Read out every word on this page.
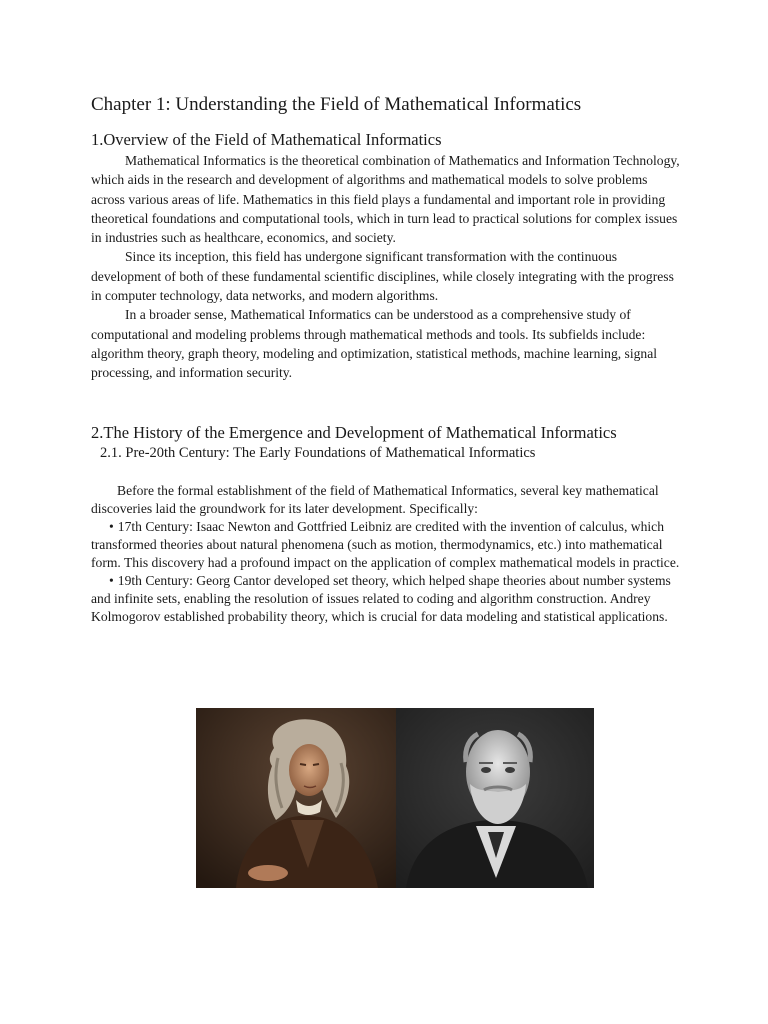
Chapter 1: Understanding the Field of Mathematical Informatics
1.Overview of the Field of Mathematical Informatics

Mathematical Informatics is the theoretical combination of Mathematics and Information Technology, which aids in the research and development of algorithms and mathematical models to solve problems across various areas of life. Mathematics in this field plays a fundamental and important role in providing theoretical foundations and computational tools, which in turn lead to practical solutions for complex issues in industries such as healthcare, economics, and society.

Since its inception, this field has undergone significant transformation with the continuous development of both of these fundamental scientific disciplines, while closely integrating with the progress in computer technology, data networks, and modern algorithms.

In a broader sense, Mathematical Informatics can be understood as a comprehensive study of computational and modeling problems through mathematical methods and tools. Its subfields include: algorithm theory, graph theory, modeling and optimization, statistical methods, machine learning, signal processing, and information security.

2.The History of the Emergence and Development of Mathematical Informatics
2.1. Pre-20th Century: The Early Foundations of Mathematical Informatics

Before the formal establishment of the field of Mathematical Informatics, several key mathematical discoveries laid the groundwork for its later development. Specifically:

• 17th Century: Isaac Newton and Gottfried Leibniz are credited with the invention of calculus, which transformed theories about natural phenomena (such as motion, thermodynamics, etc.) into mathematical form. This discovery had a profound impact on the application of complex mathematical models in practice.

• 19th Century: Georg Cantor developed set theory, which helped shape theories about number systems and infinite sets, enabling the resolution of issues related to coding and algorithm construction. Andrey Kolmogorov established probability theory, which is crucial for data modeling and statistical applications.
